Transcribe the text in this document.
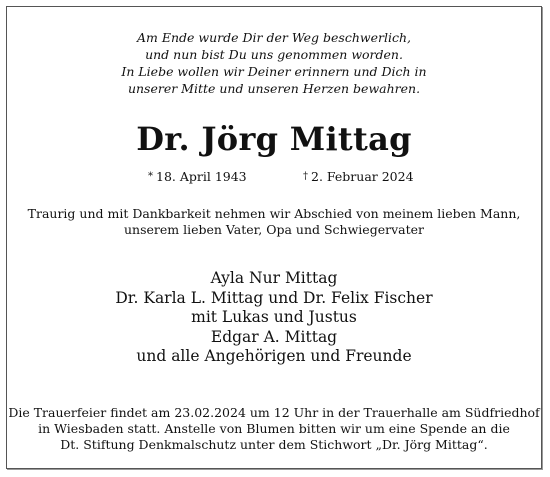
Am Ende wurde Dir der Weg beschwerlich,
und nun bist Du uns genommen worden.
In Liebe wollen wir Deiner erinnern und Dich in
unserer Mitte und unseren Herzen bewahren.
Dr. Jörg Mittag
* 18. April 1943	† 2. Februar 2024
Traurig und mit Dankbarkeit nehmen wir Abschied von meinem lieben Mann,
unserem lieben Vater, Opa und Schwiegervater
Ayla Nur Mittag
Dr. Karla L. Mittag und Dr. Felix Fischer
mit Lukas und Justus
Edgar A. Mittag
und alle Angehörigen und Freunde
Die Trauerfeier findet am 23.02.2024 um 12 Uhr in der Trauerhalle am Südfriedhof
in Wiesbaden statt. Anstelle von Blumen bitten wir um eine Spende an die
Dt. Stiftung Denkmalschutz unter dem Stichwort „Dr. Jörg Mittag“.
